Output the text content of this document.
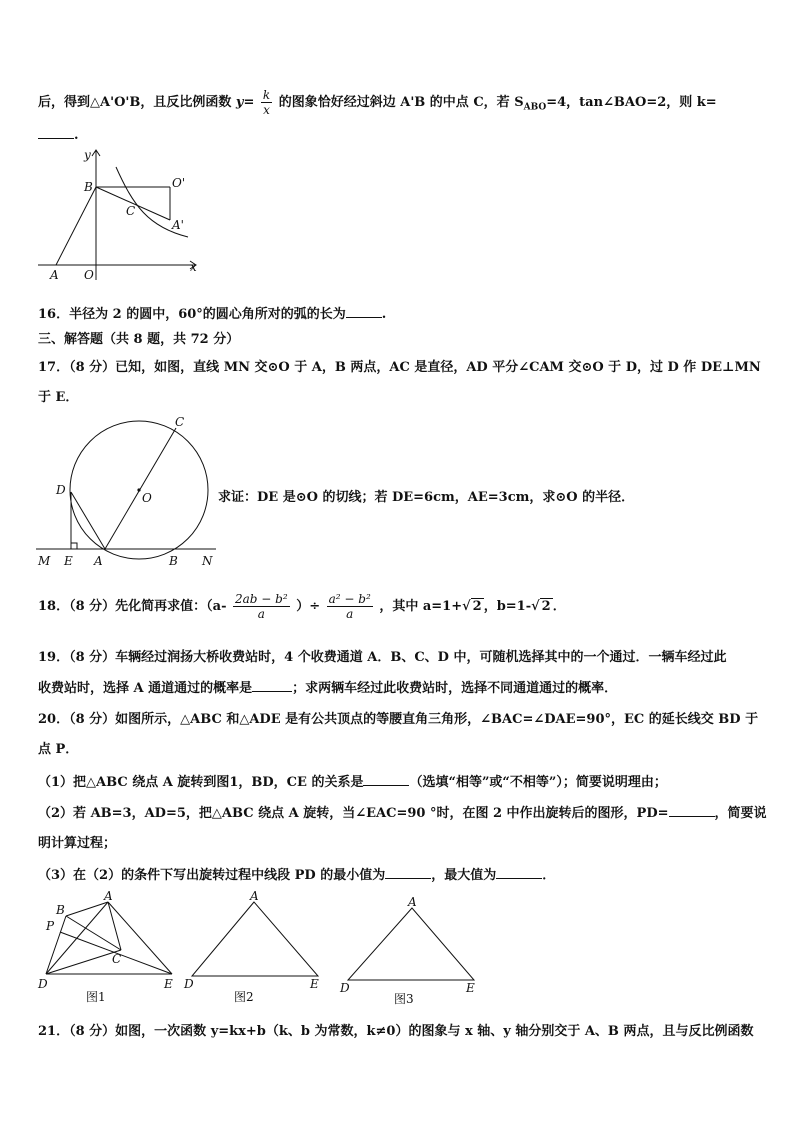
后，得到△A'O'B，且反比例函数 $y= \frac{k}{x}$ 的图象恰好经过斜边 A'B 的中点 C，若 $S_{ABO}=4$，tan∠BAO=2，则 k=
.
y
x
B	O'
C
A'
A O
16．半径为 2 的圆中，60°的圆心角所对的弧的长为	.
三、解答题（共 8 题，共 72 分）
17．（8 分）已知，如图，直线 MN 交⊙O 于 A，B 两点，AC 是直径，AD 平分∠CAM 交⊙O 于 D，过 D 作 DE⊥MN
于 E．
C
D
O
M E A	B N
求证：DE 是⊙O 的切线；若 DE=6cm，AE=3cm，求⊙O 的半径．
18．（8 分）先化简再求值：（$a- \frac{\text{2ab − b²}}{a}$ ）÷ $\frac{\text{a² − b²}}{a}$ ，其中 a=1+√ 2 ，b=1-√ 2 ．
19．（8 分）车辆经过润扬大桥收费站时，4 个收费通道 A．B、C、D 中，可随机选择其中的一个通过．一辆车经过此
收费站时，选择 A 通道通过的概率是	；求两辆车经过此收费站时，选择不同通道通过的概率．
20．（8 分）如图所示，△ABC 和△ADE 是有公共顶点的等腰直角三角形，∠BAC=∠DAE=90°，EC 的延长线交 BD 于
点 P．
（1）把△ABC 绕点 A 旋转到图1，BD，CE 的关系是	（选填“相等”或“不相等”）；简要说明理由；
（2）若 AB=3，AD=5，把△ABC 绕点 A 旋转，当∠EAC=90 °时，在图 2 中作出旋转后的图形，PD=	，简要说
明计算过程；
（3）在（2）的条件下写出旋转过程中线段 PD 的最小值为	，最大值为	．
A
B
P
C
D	E
图1
A
D	E
图2
A
D	E
图3
21．（8 分）如图，一次函数 y=kx+b（k、b 为常数，k≠0）的图象与 x 轴、y 轴分别交于 A、B 两点，且与反比例函数
